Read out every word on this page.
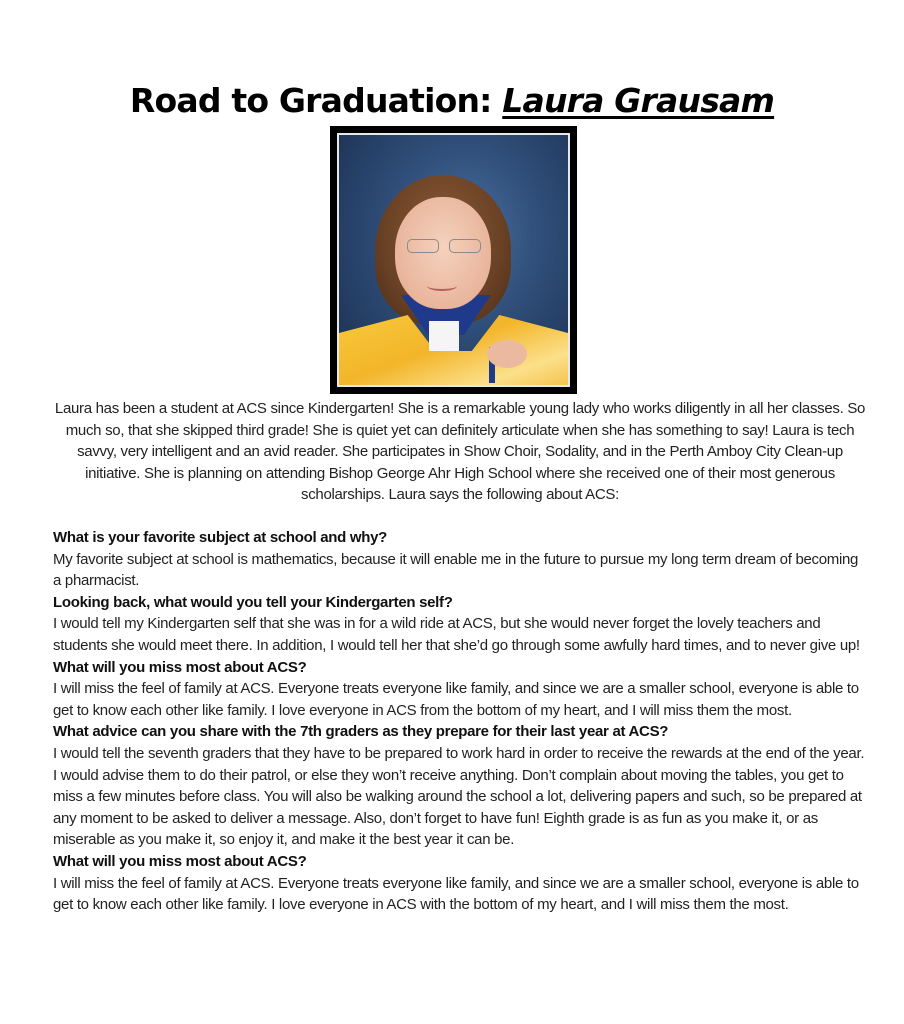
Road to Graduation: Laura Grausam

Laura has been a student at ACS since Kindergarten! She is a remarkable young lady who works diligently in all her classes. So much so, that she skipped third grade! She is quiet yet can definitely articulate when she has something to say! Laura is tech savvy, very intelligent and an avid reader. She participates in Show Choir, Sodality, and in the Perth Amboy City Clean-up initiative. She is planning on attending Bishop George Ahr High School where she received one of their most generous scholarships. Laura says the following about ACS:

What is your favorite subject at school and why?

My favorite subject at school is mathematics, because it will enable me in the future to pursue my long term dream of becoming a pharmacist.

Looking back, what would you tell your Kindergarten self?

I would tell my Kindergarten self that she was in for a wild ride at ACS, but she would never forget the lovely teachers and students she would meet there. In addition, I would tell her that she’d go through some awfully hard times, and to never give up!

What will you miss most about ACS?

I will miss the feel of family at ACS. Everyone treats everyone like family, and since we are a smaller school, everyone is able to get to know each other like family. I love everyone in ACS from the bottom of my heart, and I will miss them the most.

What advice can you share with the 7th graders as they prepare for their last year at ACS?

I would tell the seventh graders that they have to be prepared to work hard in order to receive the rewards at the end of the year. I would advise them to do their patrol, or else they won’t receive anything. Don’t complain about moving the tables, you get to miss a few minutes before class. You will also be walking around the school a lot, delivering papers and such, so be prepared at any moment to be asked to deliver a message. Also, don’t forget to have fun! Eighth grade is as fun as you make it, or as miserable as you make it, so enjoy it, and make it the best year it can be.

What will you miss most about ACS?

I will miss the feel of family at ACS. Everyone treats everyone like family, and since we are a smaller school, everyone is able to get to know each other like family. I love everyone in ACS with the bottom of my heart, and I will miss them the most.
